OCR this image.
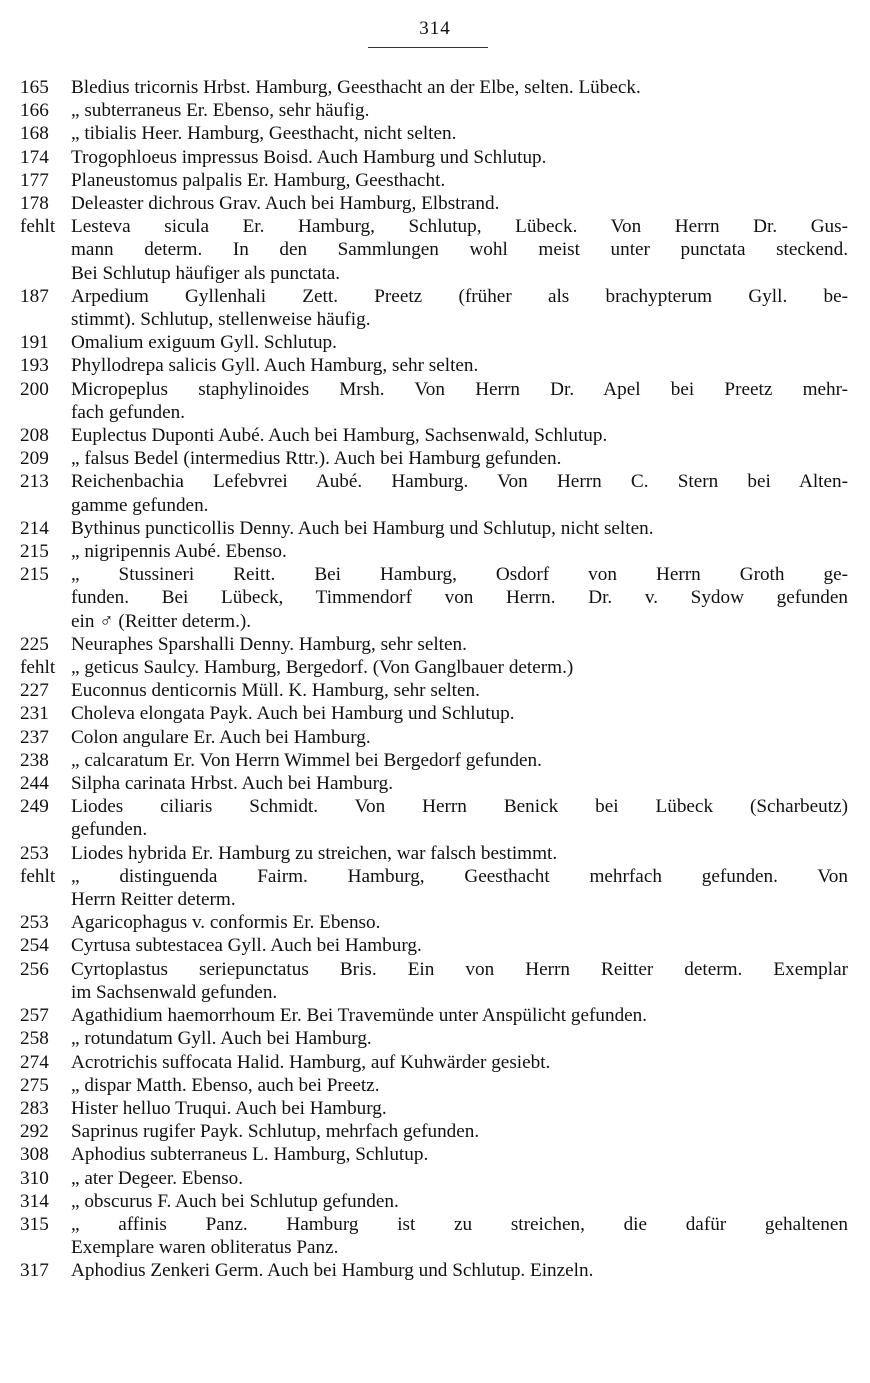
314
165	Bledius tricornis Hrbst. Hamburg, Geesthacht an der Elbe, selten. Lübeck.
166	„ subterraneus Er. Ebenso, sehr häufig.
168	„ tibialis Heer. Hamburg, Geesthacht, nicht selten.
174	Trogophloeus impressus Boisd. Auch Hamburg und Schlutup.
177	Planeustomus palpalis Er. Hamburg, Geesthacht.
178	Deleaster dichrous Grav. Auch bei Hamburg, Elbstrand.
fehlt Lesteva sicula Er. Hamburg, Schlutup, Lübeck. Von Herrn Dr. Gus-
mann determ. In den Sammlungen wohl meist unter punctata steckend.
Bei Schlutup häufiger als punctata.
187	Arpedium Gyllenhali Zett. Preetz (früher als brachypterum Gyll. be-
stimmt). Schlutup, stellenweise häufig.
191	Omalium exiguum Gyll. Schlutup.
193	Phyllodrepa salicis Gyll. Auch Hamburg, sehr selten.
200	Micropeplus staphylinoides Mrsh. Von Herrn Dr. Apel bei Preetz mehr-
fach gefunden.
208	Euplectus Duponti Aubé. Auch bei Hamburg, Sachsenwald, Schlutup.
209	„ falsus Bedel (intermedius Rttr.). Auch bei Hamburg gefunden.
213	Reichenbachia Lefebvrei Aubé. Hamburg. Von Herrn C. Stern bei Alten-
gamme gefunden.
214	Bythinus puncticollis Denny. Auch bei Hamburg und Schlutup, nicht selten.
215	„ nigripennis Aubé. Ebenso.
215	„ Stussineri Reitt. Bei Hamburg, Osdorf von Herrn Groth ge-
funden. Bei Lübeck, Timmendorf von Herrn. Dr. v. Sydow gefunden
ein ♂ (Reitter determ.).
225	Neuraphes Sparshalli Denny. Hamburg, sehr selten.
fehlt „ geticus Saulcy. Hamburg, Bergedorf. (Von Ganglbauer determ.)
227	Euconnus denticornis Müll. K. Hamburg, sehr selten.
231	Choleva elongata Payk. Auch bei Hamburg und Schlutup.
237	Colon angulare Er. Auch bei Hamburg.
238	„ calcaratum Er. Von Herrn Wimmel bei Bergedorf gefunden.
244	Silpha carinata Hrbst. Auch bei Hamburg.
249	Liodes ciliaris Schmidt. Von Herrn Benick bei Lübeck (Scharbeutz)
gefunden.
253	Liodes hybrida Er. Hamburg zu streichen, war falsch bestimmt.
fehlt „ distinguenda Fairm. Hamburg, Geesthacht mehrfach gefunden. Von
Herrn Reitter determ.
253	Agaricophagus v. conformis Er. Ebenso.
254	Cyrtusa subtestacea Gyll. Auch bei Hamburg.
256	Cyrtoplastus seriepunctatus Bris. Ein von Herrn Reitter determ. Exemplar
im Sachsenwald gefunden.
257	Agathidium haemorrhoum Er. Bei Travemünde unter Anspülicht gefunden.
258	„ rotundatum Gyll. Auch bei Hamburg.
274	Acrotrichis suffocata Halid. Hamburg, auf Kuhwärder gesiebt.
275	„ dispar Matth. Ebenso, auch bei Preetz.
283	Hister helluo Truqui. Auch bei Hamburg.
292	Saprinus rugifer Payk. Schlutup, mehrfach gefunden.
308	Aphodius subterraneus L. Hamburg, Schlutup.
310	„ ater Degeer. Ebenso.
314	„ obscurus F. Auch bei Schlutup gefunden.
315	„ affinis Panz. Hamburg ist zu streichen, die dafür gehaltenen
Exemplare waren obliteratus Panz.
317	Aphodius Zenkeri Germ. Auch bei Hamburg und Schlutup. Einzeln.
